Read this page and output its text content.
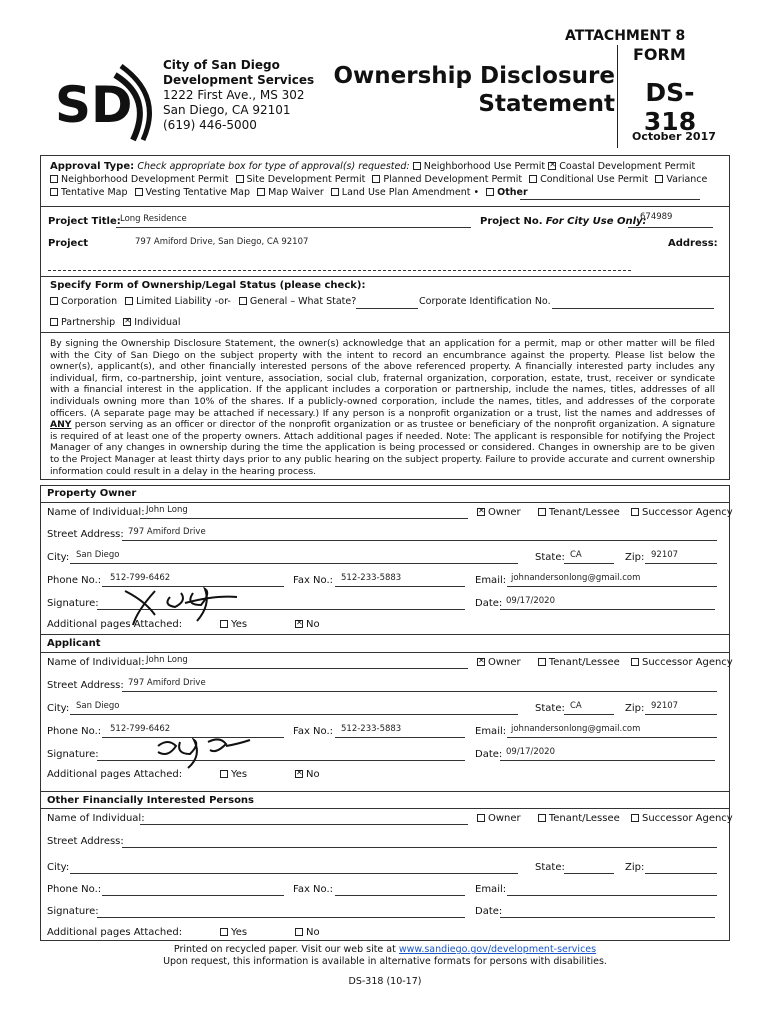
ATTACHMENT 8
FORM
SD
City of San Diego
Development Services
1222 First Ave., MS 302
San Diego, CA 92101
(619) 446-5000
Ownership Disclosure
Statement	DS-318
October 2017
Approval Type: Check appropriate box for type of approval(s) requested: Neighborhood Use Permit ✕ Coastal Development Permit
Neighborhood Development Permit Site Development Permit Planned Development Permit Conditional Use Permit Variance
Tentative Map Vesting Tentative Map Map Waiver Land Use Plan Amendment • Other
Project Title: Long Residence	Project No. For City Use Only:
674989
Project	797 Amiford Drive, San Diego, CA 92107	Address:
Specify Form of Ownership/Legal Status (please check):
Corporation Limited Liability -or- General – What State?	Corporate Identification No.
Partnership ✕ Individual
By signing the Ownership Disclosure Statement, the owner(s) acknowledge that an application for a permit, map or other matter will be filed with the City of San Diego on the subject property with the intent to record an encumbrance against the property. Please list below the owner(s), applicant(s), and other financially interested persons of the above referenced property. A financially interested party includes any individual, firm, co-partnership, joint venture, association, social club, fraternal organization, corporation, estate, trust, receiver or syndicate with a financial interest in the application. If the applicant includes a corporation or partnership, include the names, titles, addresses of all individuals owning more than 10% of the shares. If a publicly-owned corporation, include the names, titles, and addresses of the corporate officers. (A separate page may be attached if necessary.) If any person is a nonprofit organization or a trust, list the names and addresses of ANY person serving as an officer or director of the nonprofit organization or as trustee or beneficiary of the nonprofit organization. A signature is required of at least one of the property owners. Attach additional pages if needed. Note: The applicant is responsible for notifying the Project Manager of any changes in ownership during the time the application is being processed or considered. Changes in ownership are to be given to the Project Manager at least thirty days prior to any public hearing on the subject property. Failure to provide accurate and current ownership information could result in a delay in the hearing process.
Property Owner
Name of Individual: John Long ✕	Owner	Tenant/Lessee Successor Agency
Street Address: 797 Amiford Drive
City: San Diego	State: CA	Zip: 92107
Phone No.: 512-799-6462	Fax No.: 512-233-5883	Email: johnandersonlong@gmail.com
Signature:	Date: 09/17/2020
Additional pages Attached:	Yes ✕	No
Applicant
Name of Individual: John Long ✕	Owner	Tenant/Lessee Successor Agency
Street Address: 797 Amiford Drive
City: San Diego	State: CA	Zip: 92107
Phone No.: 512-799-6462	Fax No.: 512-233-5883	Email: johnandersonlong@gmail.com
Signature:	Date: 09/17/2020
Additional pages Attached:	Yes ✕	No
Other Financially Interested Persons
Name of Individual:	Owner	Tenant/Lessee Successor Agency
Street Address:
City:	State:	Zip:
Phone No.:	Fax No.:	Email:
Signature:	Date:
Additional pages Attached:	Yes	No
Printed on recycled paper. Visit our web site at www.sandiego.gov/development-services
Upon request, this information is available in alternative formats for persons with disabilities.
DS-318 (10-17)
